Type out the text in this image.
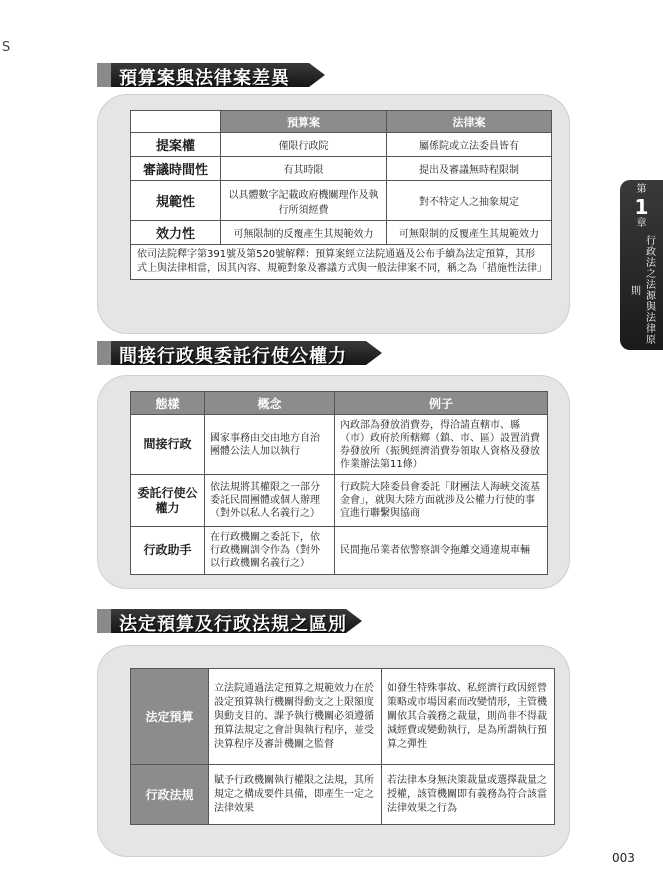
S
預算案與法律案差異
	預算案	法律案
提案權	僅限行政院	屬係院或立法委員皆有
審議時間性	有其時限	提出及審議無時程限制
規範性	以具體數字記載政府機關理作及執行所須經費	對不特定人之抽象規定
效力性	可無限制的反覆產生其規範效力	可無限制的反覆產生其規範效力
依司法院釋字第391號及第520號解釋：預算案經立法院通過及公布手續為法定預算，其形式上與法律相當，因其內容、規範對象及審議方式與一般法律案不同，稱之為「措施性法律」		
間接行政與委託行使公權力
態樣	概念	例子
間接行政	國家事務由交由地方自治團體公法人加以執行	內政部為發放消費券，得洽請直轄市、縣（市）政府於所轄鄉（鎮、市、區）設置消費券發放所（振興經濟消費券領取人資格及發放作業辦法第11條）
委託行使公權力	依法規將其權限之一部分委託民間團體或個人辦理（對外以私人名義行之）	行政院大陸委員會委託「財團法人海峽交流基金會」，就與大陸方面就涉及公權力行使的事宜進行聯繫與協商
行政助手	在行政機關之委託下，依行政機關訓令作為（對外以行政機關名義行之）	民間拖吊業者依警察訓令拖離交通違規車輛
法定預算及行政法規之區別
法定預算	立法院通過法定預算之規範效力在於設定預算執行機關得動支之上限額度與動支目的、課予執行機關必須遵循預算法規定之會計與執行程序，並受決算程序及審計機關之監督	如發生特殊事故、私經濟行政因經營策略或市場因素而改變情形，主管機關依其合義務之裁量，則尚非不得裁減經費或變動執行，是為所謂執行預算之彈性
行政法規	賦予行政機關執行權限之法規，其所規定之構成要件具備，即產生一定之法律效果	若法律本身無決策裁量或選擇裁量之授權，該管機關即有義務為符合該當法律效果之行為
第
1
章
行政法之法源與法律原則
003
